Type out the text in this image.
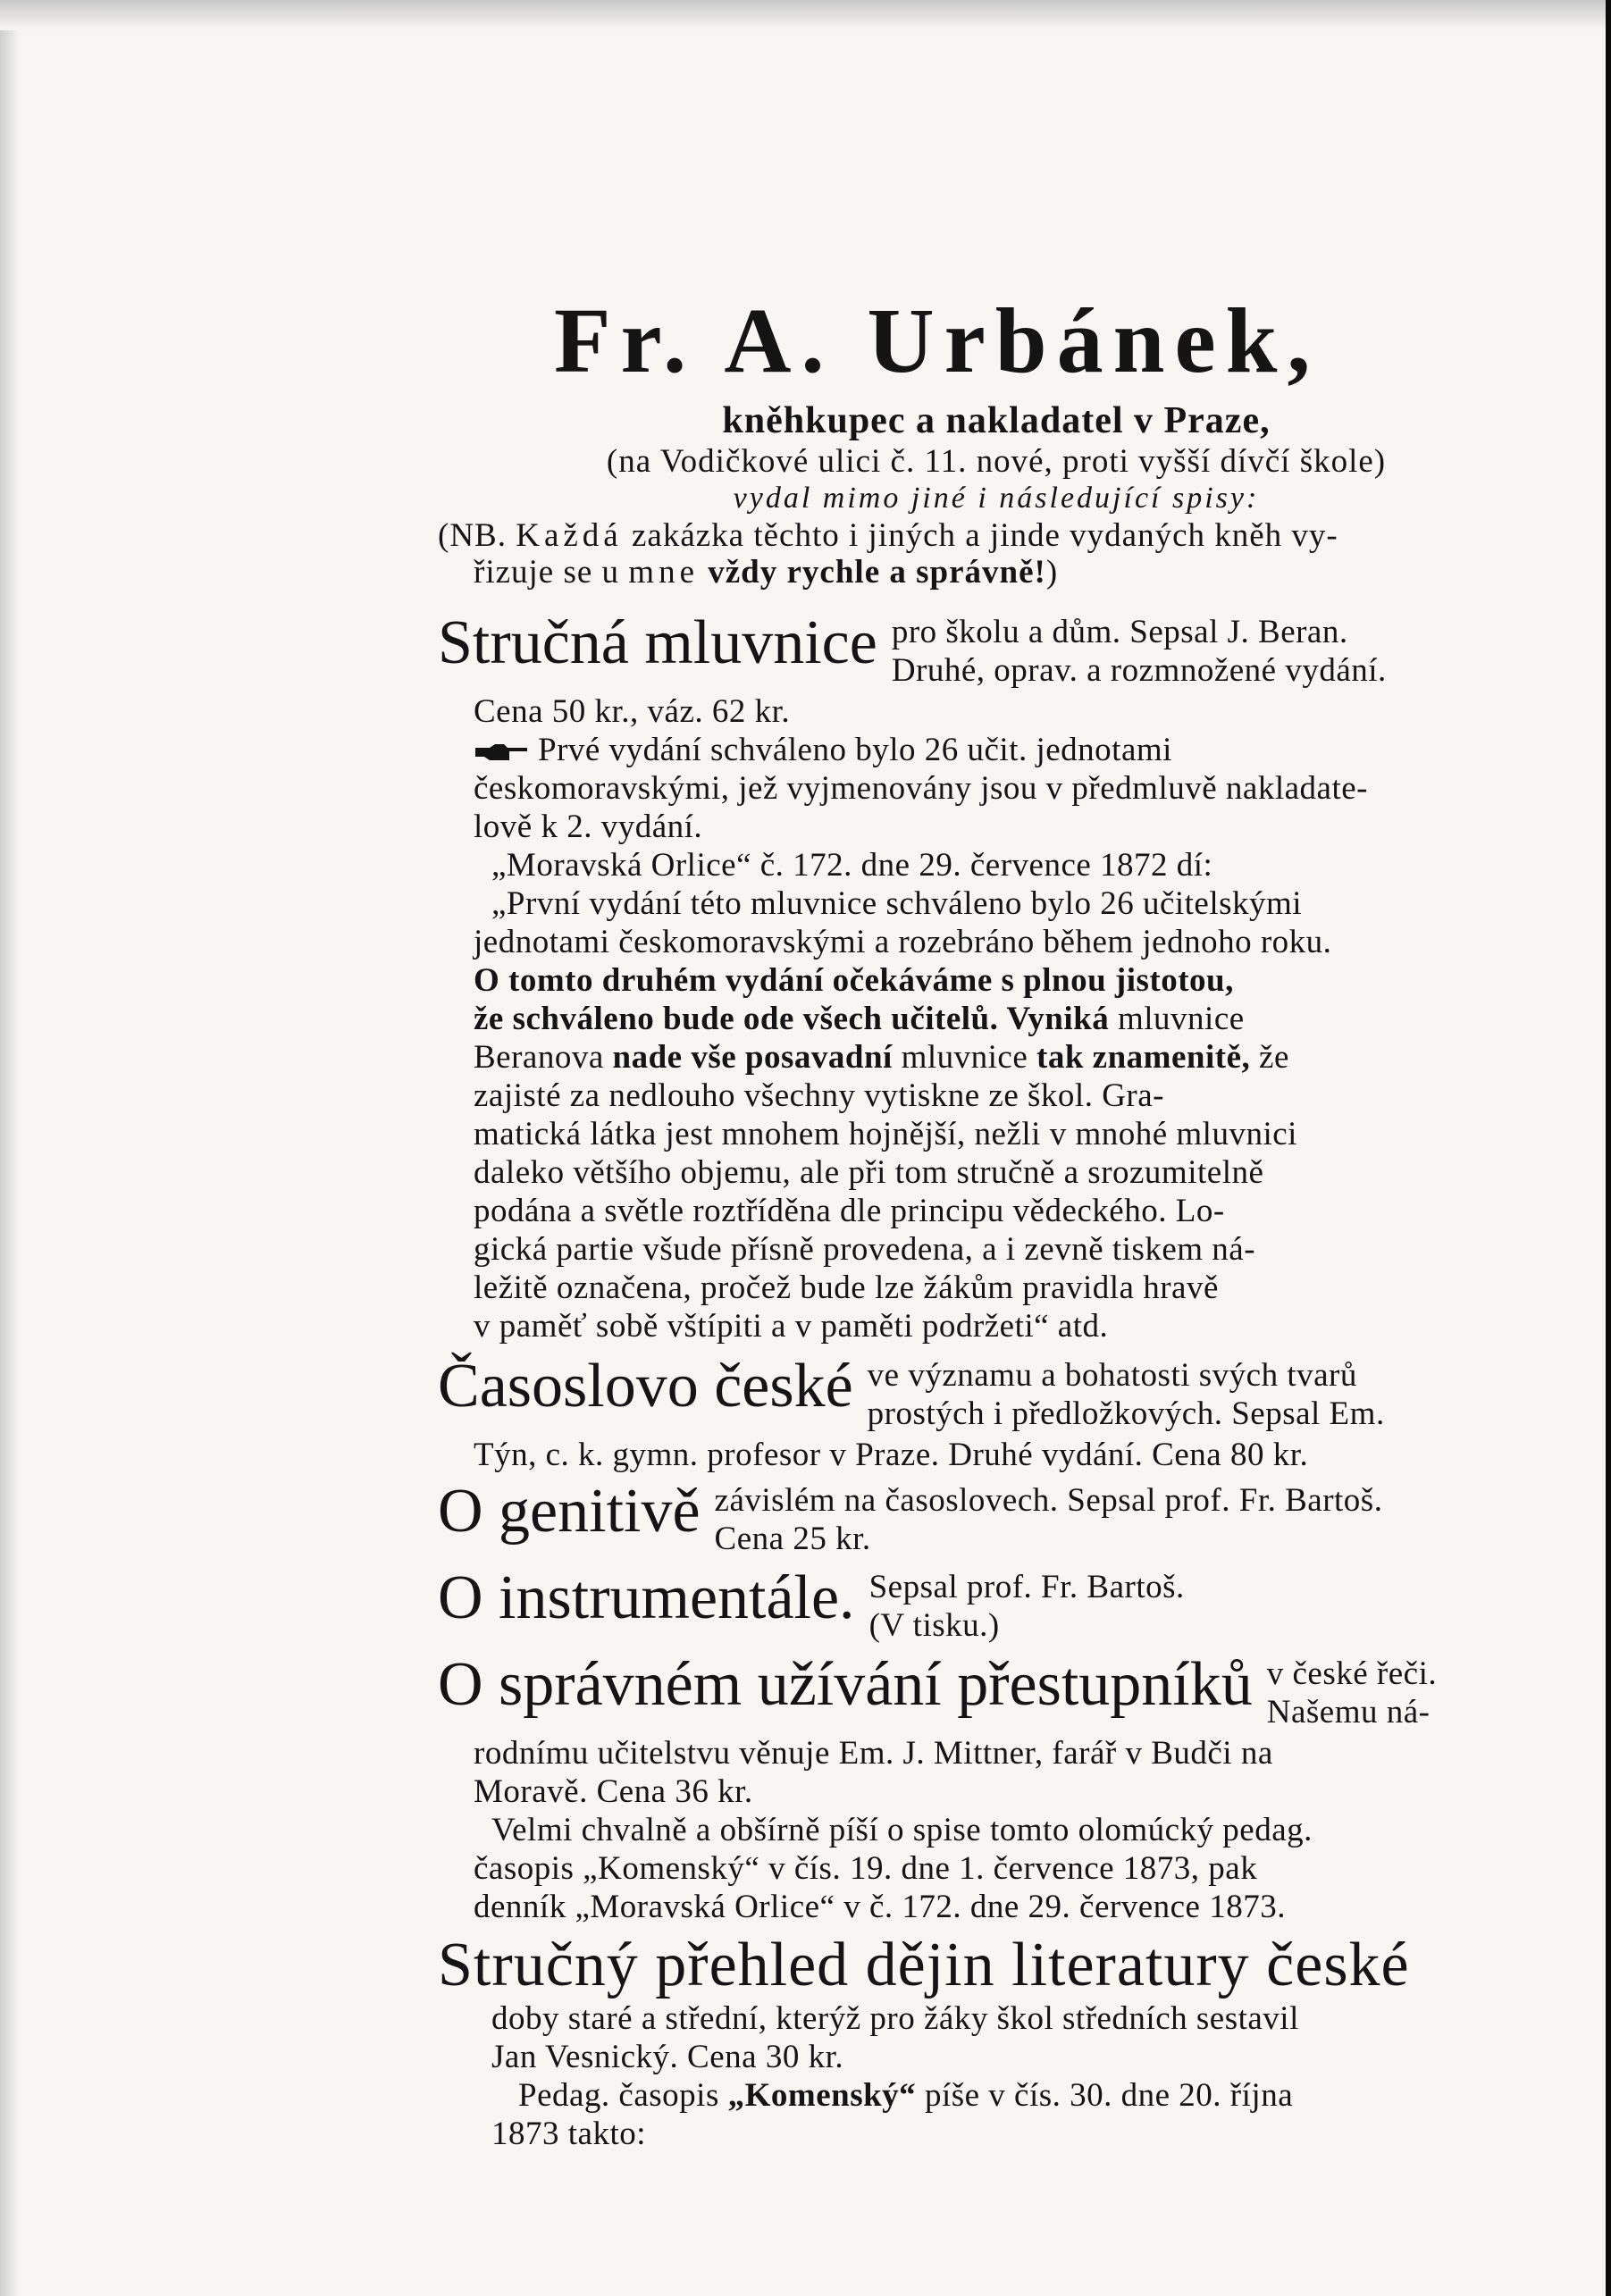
Fr. A. Urbánek,
kněhkupec a nakladatel v Praze,
(na Vodičkové ulici č. 11. nové, proti vyšší dívčí škole)
vydal mimo jiné i následující spisy:
(NB. Každá zakázka těchto i jiných a jinde vydaných kněh vy-
řizuje se u mne vždy rychle a správně!)
Stručná mluvnice pro školu a dům. Sepsal J. Beran.
Druhé, oprav. a rozmnožené vydání.
Cena 50 kr., váz. 62 kr.
Prvé vydání schváleno bylo 26 učit. jednotami
českomoravskými, jež vyjmenovány jsou v předmluvě nakladate-
lově k 2. vydání.
„Moravská Orlice“ č. 172. dne 29. července 1872 dí:
„První vydání této mluvnice schváleno bylo 26 učitelskými
jednotami českomoravskými a rozebráno během jednoho roku.
O tomto druhém vydání očekáváme s plnou jistotou,
že schváleno bude ode všech učitelů. Vyniká mluvnice
Beranova nade vše posavadní mluvnice tak znamenitě, že
zajisté za nedlouho všechny vytiskne ze škol. Gra-
matická látka jest mnohem hojnější, nežli v mnohé mluvnici
daleko většího objemu, ale při tom stručně a srozumitelně
podána a světle roztříděna dle principu vědeckého. Lo-
gická partie všude přísně provedena, a i zevně tiskem ná-
ležitě označena, pročež bude lze žákům pravidla hravě
v paměť sobě vštípiti a v paměti podržeti“ atd.
Časoslovo české ve významu a bohatosti svých tvarů
prostých i předložkových. Sepsal Em.
Týn, c. k. gymn. profesor v Praze. Druhé vydání. Cena 80 kr.
O genitivě závislém na časoslovech. Sepsal prof. Fr. Bartoš.
Cena 25 kr.
O instrumentále. Sepsal prof. Fr. Bartoš.
(V tisku.)
O správném užívání přestupníků v české řeči.
Našemu ná-
rodnímu učitelstvu věnuje Em. J. Mittner, farář v Budči na
Moravě. Cena 36 kr.
Velmi chvalně a obšírně píší o spise tomto olomúcký pedag.
časopis „Komenský“ v čís. 19. dne 1. července 1873, pak
denník „Moravská Orlice“ v č. 172. dne 29. července 1873.
Stručný přehled dějin literatury české
doby staré a střední, kterýž pro žáky škol středních sestavil
Jan Vesnický. Cena 30 kr.
Pedag. časopis „Komenský“ píše v čís. 30. dne 20. října
1873 takto:
